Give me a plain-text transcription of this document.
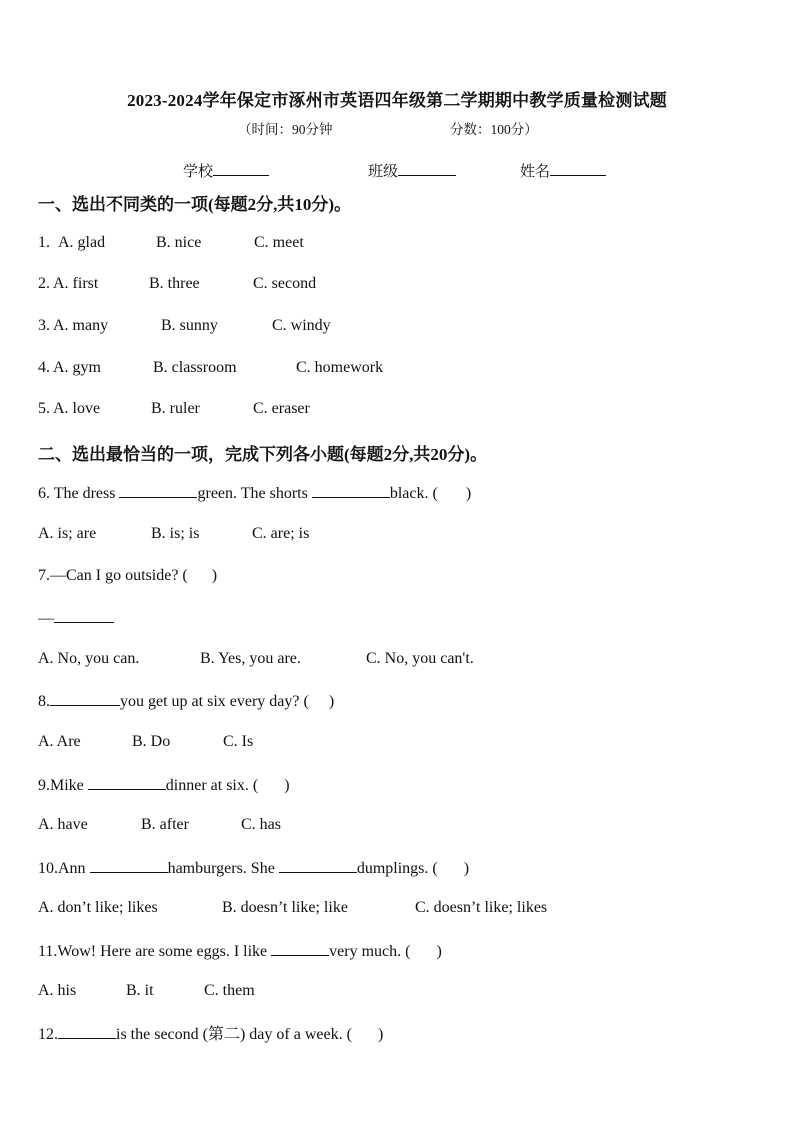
2023-2024学年保定市涿州市英语四年级第二学期期中教学质量检测试题
（时间：90分钟	分数：100分）
学校	班级	姓名
一、选出不同类的一项(每题2分,共10分)。
1. A. glad	B. nice	C. meet
2. A. first	B. three	C. second
3. A. many	B. sunny	C. windy
4. A. gym	B. classroom	C. homework
5. A. love	B. ruler	C. eraser
二、选出最恰当的一项，完成下列各小题(每题2分,共20分)。
6. The dress	green. The shorts	black. ( )
A. is; are	B. is; is	C. are; is
7.—Can I go outside? ( )
—
A. No, you can.	B. Yes, you are.	C. No, you can't.
8.	you get up at six every day? ( )
A. Are	B. Do	C. Is
9.Mike	dinner at six. ( )
A. have	B. after	C. has
10.Ann	hamburgers. She	dumplings. ( )
A. don’t like; likes	B. doesn’t like; like	C. doesn’t like; likes
11.Wow! Here are some eggs. I like	very much. ( )
A. his	B. it	C. them
12.	is the second (第二) day of a week. ( )
